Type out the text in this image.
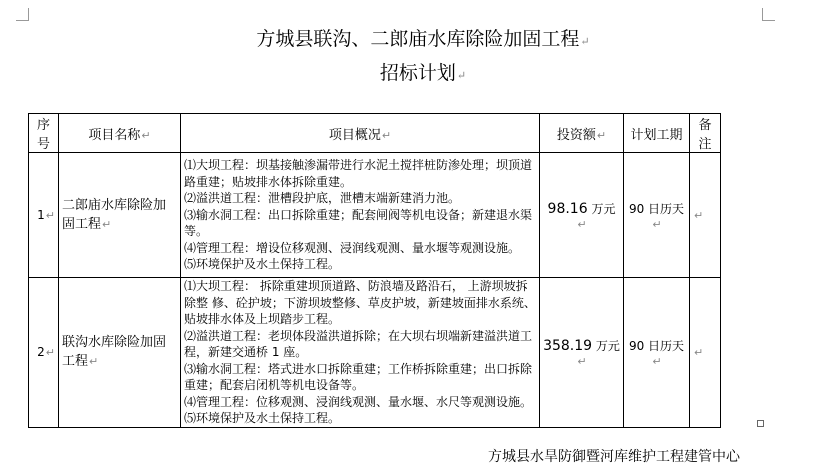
方城县联沟、二郎庙水库除险加固工程↵
招标计划↵
序号	项目名称↵	项目概况↵	投资额↵	计划工期	备注
1↵	二郎庙水库除险加固工程↵	⑴大坝工程：坝基接触渗漏带进行水泥土搅拌桩防渗处理；坝顶道路重建；贴坡排水体拆除重建。
⑵溢洪道工程：泄槽段护底，泄槽末端新建消力池。
⑶输水洞工程：出口拆除重建；配套闸阀等机电设备；新建退水渠等。
⑷管理工程：增设位移观测、浸润线观测、量水堰等观测设施。
⑸环境保护及水土保持工程。	98.16 万元↵	90 日历天↵	↵
2↵	联沟水库除险加固工程↵	⑴大坝工程： 拆除重建坝顶道路、防浪墙及路沿石， 上游坝坡拆除整 修、砼护坡；下游坝坡整修、草皮护坡，新建坡面排水系统、贴坡排水体及上坝踏步工程。
⑵溢洪道工程：老坝体段溢洪道拆除；在大坝右坝端新建溢洪道工程，新建交通桥 1 座。
⑶输水洞工程：塔式进水口拆除重建；工作桥拆除重建；出口拆除重建；配套启闭机等机电设备等。
⑷管理工程：位移观测、浸润线观测、量水堰、水尺等观测设施。
⑸环境保护及水土保持工程。	358.19 万元↵	90 日历天↵	↵
方城县水旱防御暨河库维护工程建管中心
